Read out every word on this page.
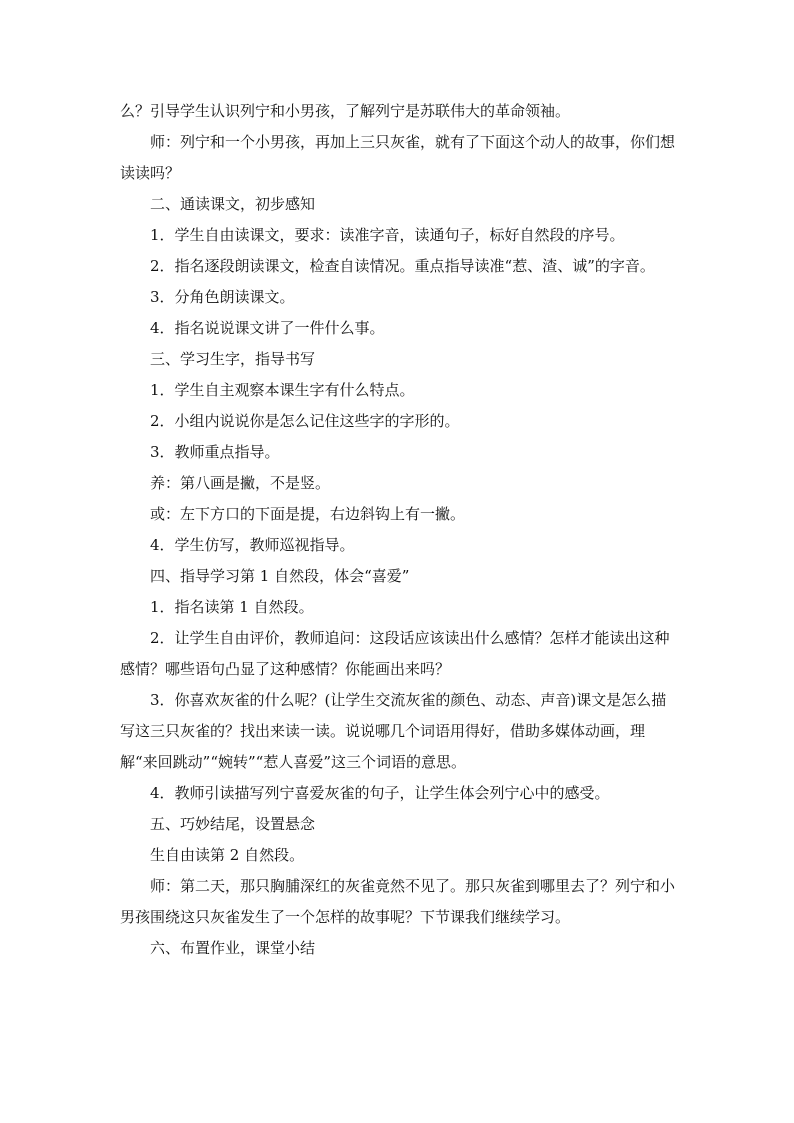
么？引导学生认识列宁和小男孩，了解列宁是苏联伟大的革命领袖。

师：列宁和一个小男孩，再加上三只灰雀，就有了下面这个动人的故事，你们想读读吗？

二、通读课文，初步感知

1．学生自由读课文，要求：读准字音，读通句子，标好自然段的序号。

2．指名逐段朗读课文，检查自读情况。重点指导读准“惹、渣、诚”的字音。

3．分角色朗读课文。

4．指名说说课文讲了一件什么事。

三、学习生字，指导书写

1．学生自主观察本课生字有什么特点。

2．小组内说说你是怎么记住这些字的字形的。

3．教师重点指导。

养：第八画是撇，不是竖。

或：左下方口的下面是提，右边斜钩上有一撇。

4．学生仿写，教师巡视指导。

四、指导学习第 1 自然段，体会“喜爱”

1．指名读第 1 自然段。

2．让学生自由评价，教师追问：这段话应该读出什么感情？怎样才能读出这种感情？哪些语句凸显了这种感情？你能画出来吗？

3．你喜欢灰雀的什么呢？(让学生交流灰雀的颜色、动态、声音)课文是怎么描写这三只灰雀的？找出来读一读。说说哪几个词语用得好，借助多媒体动画，理解“来回跳动”“婉转”“惹人喜爱”这三个词语的意思。

4．教师引读描写列宁喜爱灰雀的句子，让学生体会列宁心中的感受。

五、巧妙结尾，设置悬念

生自由读第 2 自然段。

师：第二天，那只胸脯深红的灰雀竟然不见了。那只灰雀到哪里去了？列宁和小男孩围绕这只灰雀发生了一个怎样的故事呢？下节课我们继续学习。

六、布置作业，课堂小结
